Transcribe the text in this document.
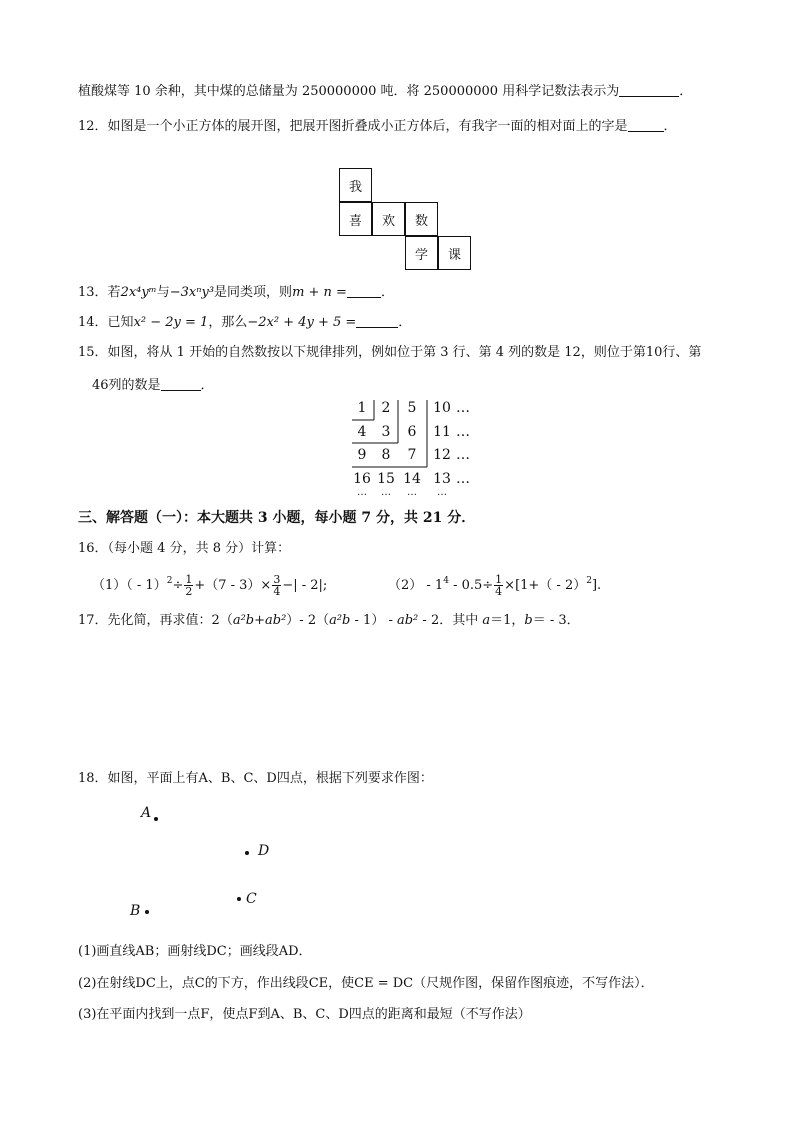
植酸煤等 10 余种，其中煤的总储量为 250000000 吨．将 250000000 用科学记数法表示为	．
12．如图是一个小正方体的展开图，把展开图折叠成小正方体后，有我字一面的相对面上的字是	．
我
喜	欢	数
学	课
13．若2x⁴yᵐ与−3xⁿy³是同类项，则m + n =	．
14．已知x² − 2y = 1，那么−2x² + 4y + 5 =	．
15．如图，将从 1 开始的自然数按以下规律排列，例如位于第 3 行、第 4 列的数是 12，则位于第10行、第
46列的数是	．
1	2	5	10 …
4	3	6	11 …
9	8	7	12 …
16 15 14 13 …
…	…	…	…
三、解答题（一）：本大题共 3 小题，每小题 7 分，共 21 分．
16．（每小题 4 分，共 8 分）计算：
$(1)( - 1)^2\div \frac{1}{2} +(7 - 3)\times \frac{3}{4}$ −| - 2|;	$(2) - 1^4 - 0.5\div \frac{1}{4} \times[1+( - 2)^2]$.
17．先化简，再求值：2（a²b+ab²）- 2（a²b - 1） - ab² - 2．其中 a＝1，b＝ - 3．
18．如图，平面上有A、B、C、D四点，根据下列要求作图：
A
D
C
B
(1)画直线AB；画射线DC；画线段AD．
(2)在射线DC上，点C的下方，作出线段CE，使CE = DC（尺规作图，保留作图痕迹，不写作法）．
(3)在平面内找到一点F，使点F到A、B、C、D四点的距离和最短（不写作法）
